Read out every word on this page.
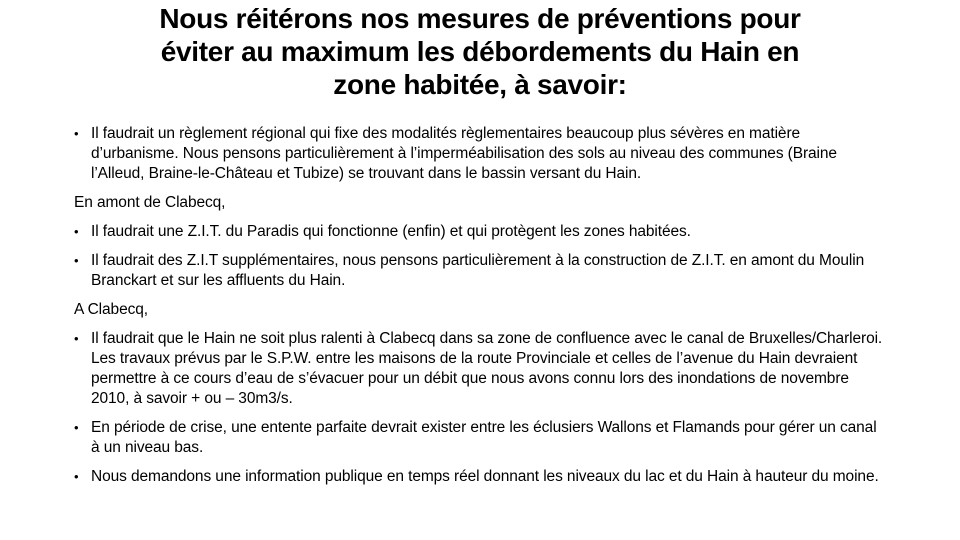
Nous réitérons nos mesures de préventions pour
éviter au maximum les débordements du Hain en
zone habitée, à savoir:
• Il faudrait un règlement régional qui fixe des modalités règlementaires beaucoup plus sévères en matière d’urbanisme. Nous pensons particulièrement à l’imperméabilisation des sols au niveau des communes (Braine l’Alleud, Braine-le-Château et Tubize) se trouvant dans le bassin versant du Hain.
En amont de Clabecq,
• Il faudrait une Z.I.T. du Paradis qui fonctionne (enfin) et qui protègent les zones habitées.
• Il faudrait des Z.I.T supplémentaires, nous pensons particulièrement à la construction de Z.I.T. en amont du Moulin Branckart et sur les affluents du Hain.
A Clabecq,
• Il faudrait que le Hain ne soit plus ralenti à Clabecq dans sa zone de confluence avec le canal de Bruxelles/Charleroi. Les travaux prévus par le S.P.W. entre les maisons de la route Provinciale et celles de l’avenue du Hain devraient permettre à ce cours d’eau de s’évacuer pour un débit que nous avons connu lors des inondations de novembre 2010, à savoir + ou – 30m3/s.
• En période de crise, une entente parfaite devrait exister entre les éclusiers Wallons et Flamands pour gérer un canal à un niveau bas.
• Nous demandons une information publique en temps réel donnant les niveaux du lac et du Hain à hauteur du moine.
